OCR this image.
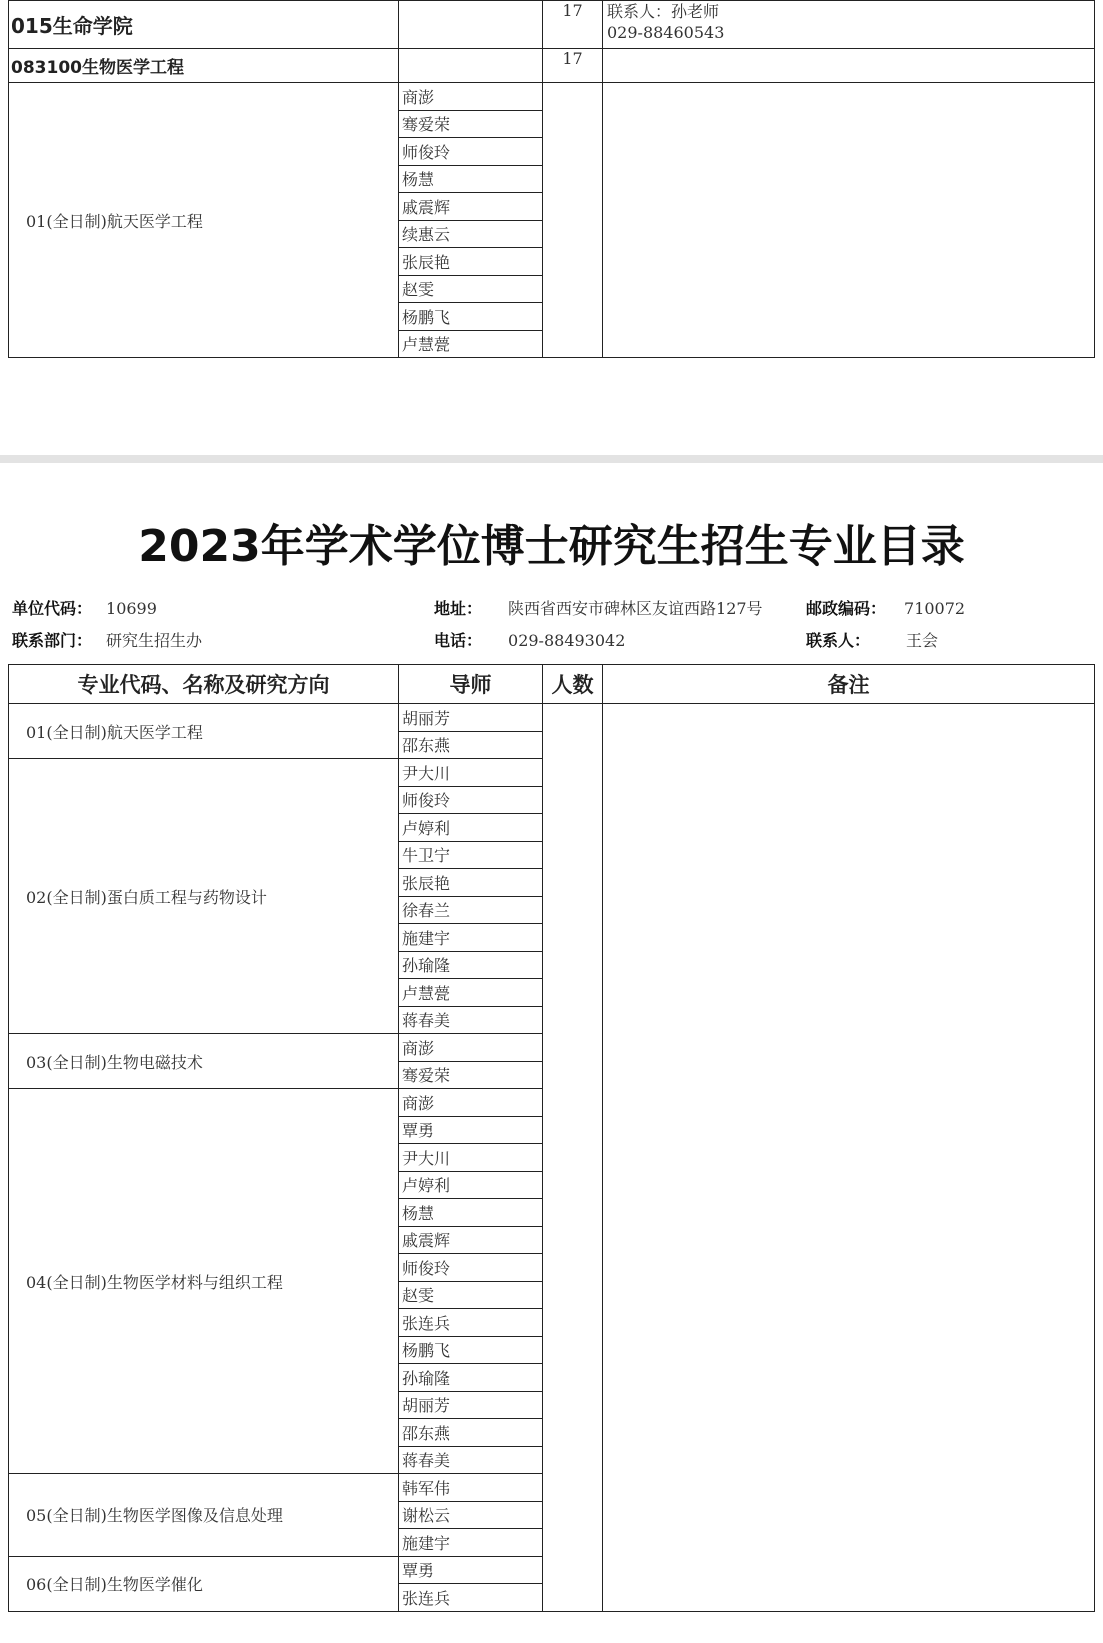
015生命学院		17	联系人：孙老师
029-88460543

083100生物医学工程		17	
01(全日制)航天医学工程	商澎		
	骞爱荣		
	师俊玲		
	杨慧		
	戚震辉		
	续惠云		
	张辰艳		
	赵雯		
	杨鹏飞		
	卢慧甍		
2023年学术学位博士研究生招生专业目录
单位代码： 10699	地址： 陕西省西安市碑林区友谊西路127号	邮政编码： 710072
联系部门： 研究生招生办	电话： 029-88493042	联系人： 王会
专业代码、名称及研究方向	导师	人数	备注
01(全日制)航天医学工程	胡丽芳		
	邵东燕		
02(全日制)蛋白质工程与药物设计	尹大川		
	师俊玲		
	卢婷利		
	牛卫宁		
	张辰艳		
	徐春兰		
	施建宇		
	孙瑜隆		
	卢慧甍		
	蒋春美		
03(全日制)生物电磁技术	商澎		
	骞爱荣		
04(全日制)生物医学材料与组织工程	商澎		
	覃勇		
	尹大川		
	卢婷利		
	杨慧		
	戚震辉		
	师俊玲		
	赵雯		
	张连兵		
	杨鹏飞		
	孙瑜隆		
	胡丽芳		
	邵东燕		
	蒋春美		
05(全日制)生物医学图像及信息处理	韩军伟		
	谢松云		
	施建宇		
06(全日制)生物医学催化	覃勇		
	张连兵		
